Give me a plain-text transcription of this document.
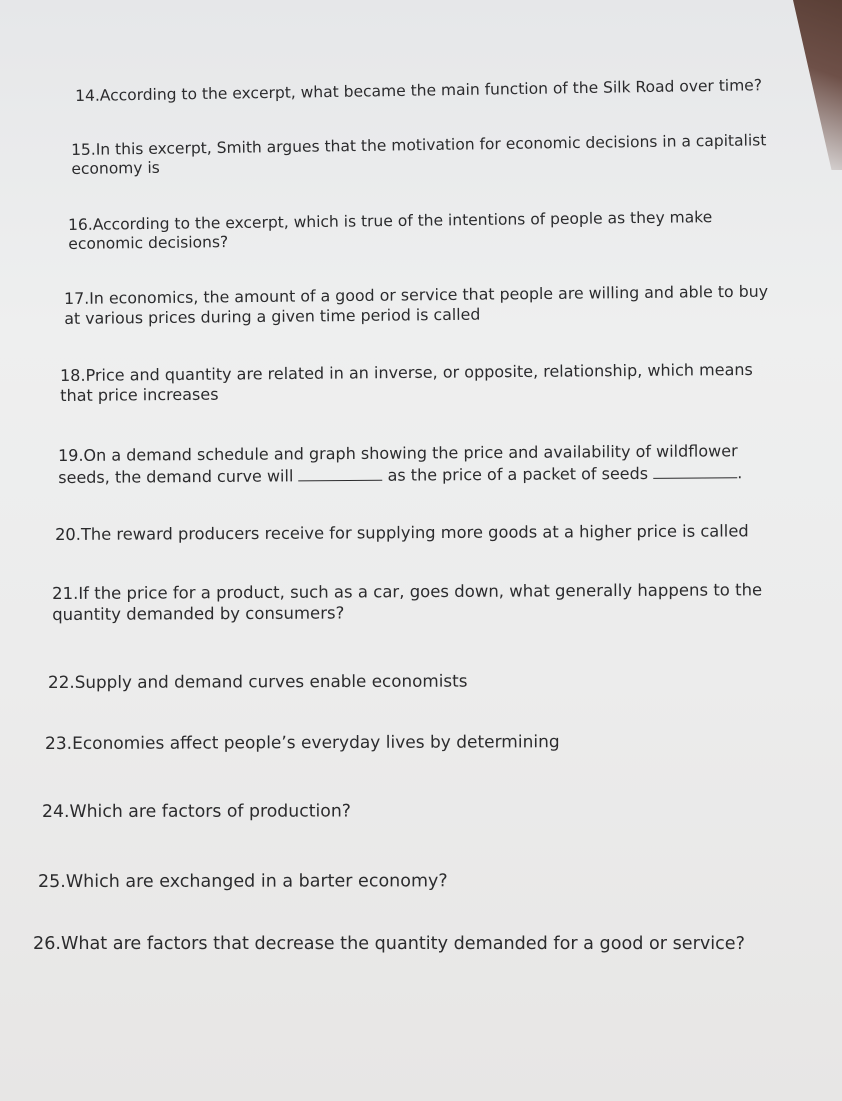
14.According to the excerpt, what became the main function of the Silk Road over time?

15.In this excerpt, Smith argues that the motivation for economic decisions in a capitalist
economy is

16.According to the excerpt, which is true of the intentions of people as they make
economic decisions?

17.In economics, the amount of a good or service that people are willing and able to buy
at various prices during a given time period is called

18.Price and quantity are related in an inverse, or opposite, relationship, which means
that price increases

19.On a demand schedule and graph showing the price and availability of wildflower
seeds, the demand curve will	as the price of a packet of seeds	.

20.The reward producers receive for supplying more goods at a higher price is called

21.If the price for a product, such as a car, goes down, what generally happens to the
quantity demanded by consumers?

22.Supply and demand curves enable economists

23.Economies affect people’s everyday lives by determining

24.Which are factors of production?

25.Which are exchanged in a barter economy?

26.What are factors that decrease the quantity demanded for a good or service?
